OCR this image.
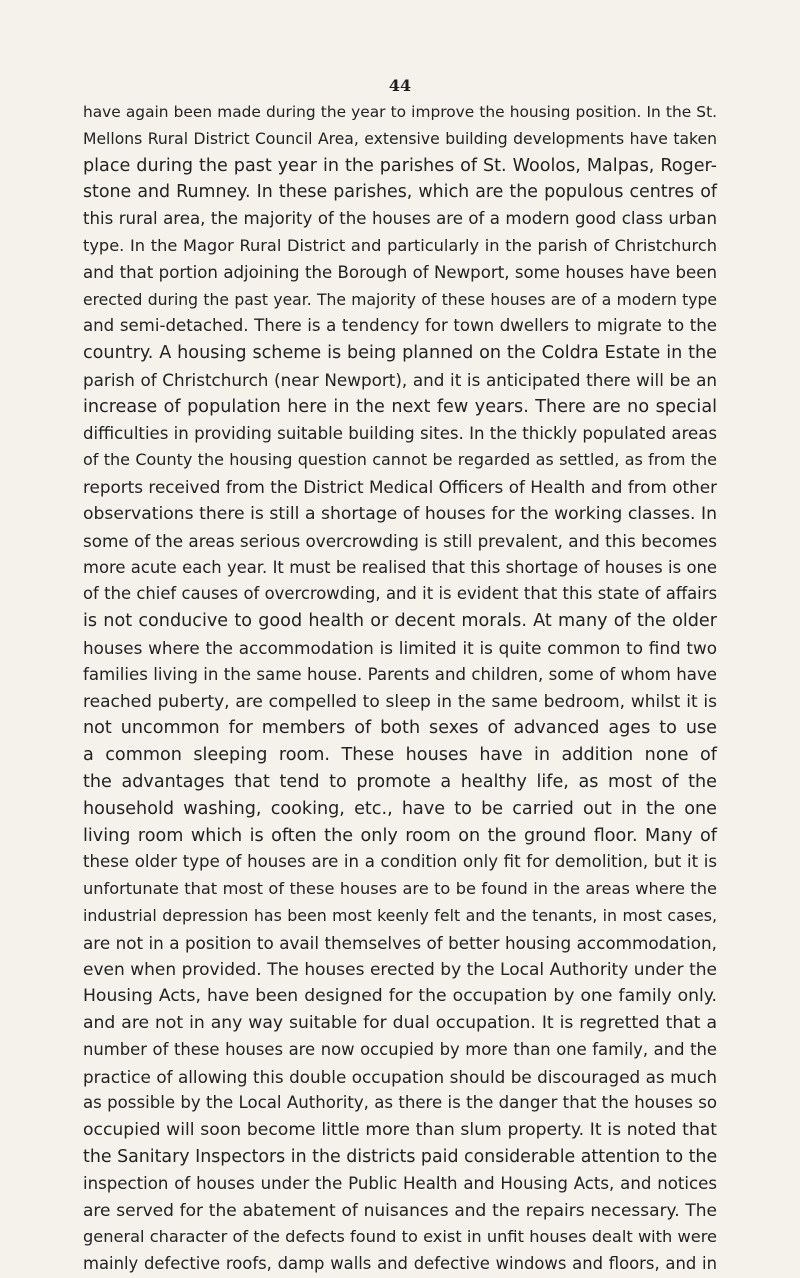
44
have again been made during the year to improve the housing position. In the St.
Mellons Rural District Council Area, extensive building developments have taken
place during the past year in the parishes of St. Woolos, Malpas, Roger-
stone and Rumney. In these parishes, which are the populous centres of
this rural area, the majority of the houses are of a modern good class urban
type. In the Magor Rural District and particularly in the parish of Christchurch
and that portion adjoining the Borough of Newport, some houses have been
erected during the past year. The majority of these houses are of a modern type
and semi-detached. There is a tendency for town dwellers to migrate to the
country. A housing scheme is being planned on the Coldra Estate in the
parish of Christchurch (near Newport), and it is anticipated there will be an
increase of population here in the next few years. There are no special
difficulties in providing suitable building sites. In the thickly populated areas
of the County the housing question cannot be regarded as settled, as from the
reports received from the District Medical Officers of Health and from other
observations there is still a shortage of houses for the working classes. In
some of the areas serious overcrowding is still prevalent, and this becomes
more acute each year. It must be realised that this shortage of houses is one
of the chief causes of overcrowding, and it is evident that this state of affairs
is not conducive to good health or decent morals. At many of the older
houses where the accommodation is limited it is quite common to find two
families living in the same house. Parents and children, some of whom have
reached puberty, are compelled to sleep in the same bedroom, whilst it is
not uncommon for members of both sexes of advanced ages to use
a common sleeping room. These houses have in addition none of
the advantages that tend to promote a healthy life, as most of the
household washing, cooking, etc., have to be carried out in the one
living room which is often the only room on the ground floor. Many of
these older type of houses are in a condition only fit for demolition, but it is
unfortunate that most of these houses are to be found in the areas where the
industrial depression has been most keenly felt and the tenants, in most cases,
are not in a position to avail themselves of better housing accommodation,
even when provided. The houses erected by the Local Authority under the
Housing Acts, have been designed for the occupation by one family only.
and are not in any way suitable for dual occupation. It is regretted that a
number of these houses are now occupied by more than one family, and the
practice of allowing this double occupation should be discouraged as much
as possible by the Local Authority, as there is the danger that the houses so
occupied will soon become little more than slum property. It is noted that
the Sanitary Inspectors in the districts paid considerable attention to the
inspection of houses under the Public Health and Housing Acts, and notices
are served for the abatement of nuisances and the repairs necessary. The
general character of the defects found to exist in unfit houses dealt with were
mainly defective roofs, damp walls and defective windows and floors, and in
